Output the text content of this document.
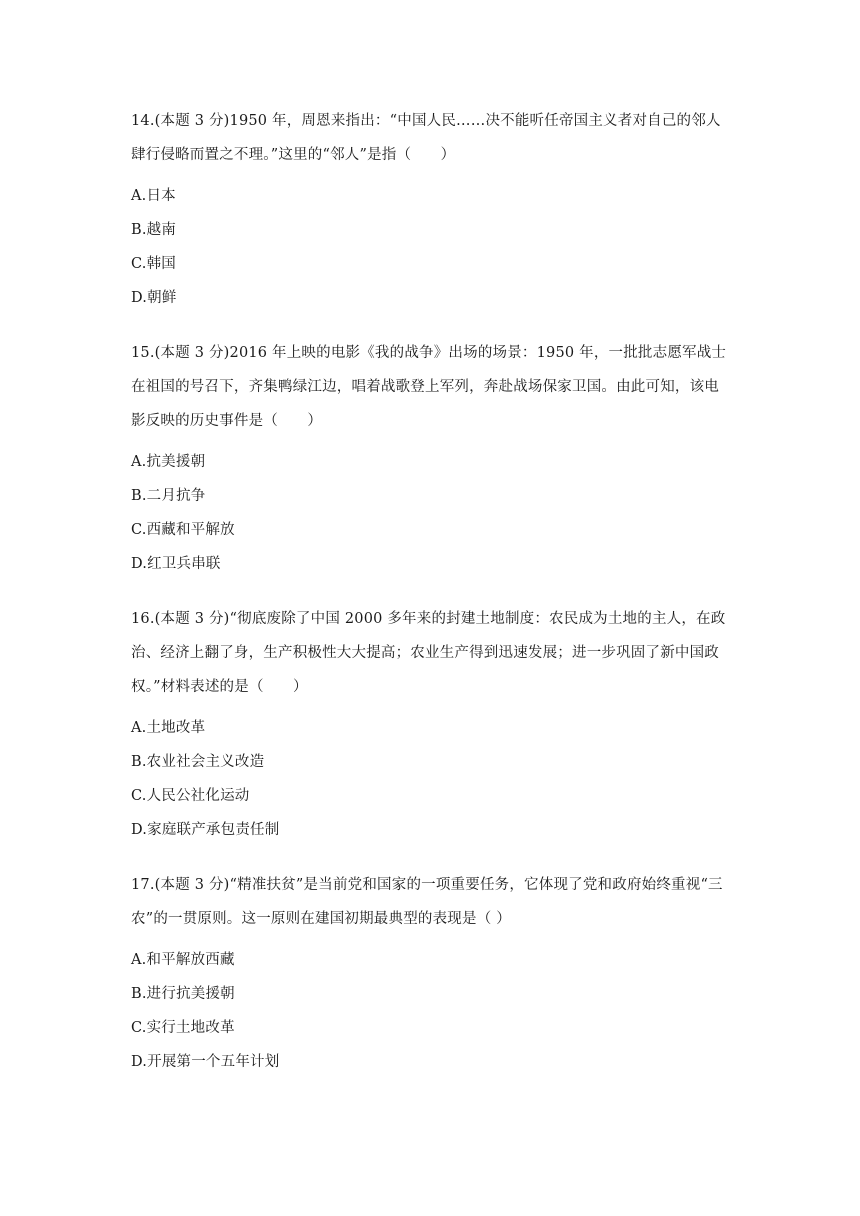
14.(本题 3 分)1950 年，周恩来指出：“中国人民……决不能听任帝国主义者对自己的邻人肆行侵略而置之不理。”这里的“邻人”是指（　　）

A.日本

B.越南

C.韩国

D.朝鲜

15.(本题 3 分)2016 年上映的电影《我的战争》出场的场景：1950 年，一批批志愿军战士在祖国的号召下，齐集鸭绿江边，唱着战歌登上军列，奔赴战场保家卫国。由此可知，该电影反映的历史事件是（　　）

A.抗美援朝

B.二月抗争

C.西藏和平解放

D.红卫兵串联

16.(本题 3 分)“彻底废除了中国 2000 多年来的封建土地制度：农民成为土地的主人，在政治、经济上翻了身，生产积极性大大提高；农业生产得到迅速发展；进一步巩固了新中国政权。”材料表述的是（　　）

A.土地改革

B.农业社会主义改造

C.人民公社化运动

D.家庭联产承包责任制

17.(本题 3 分)“精准扶贫”是当前党和国家的一项重要任务，它体现了党和政府始终重视“三农”的一贯原则。这一原则在建国初期最典型的表现是（ ）

A.和平解放西藏

B.进行抗美援朝

C.实行土地改革

D.开展第一个五年计划
